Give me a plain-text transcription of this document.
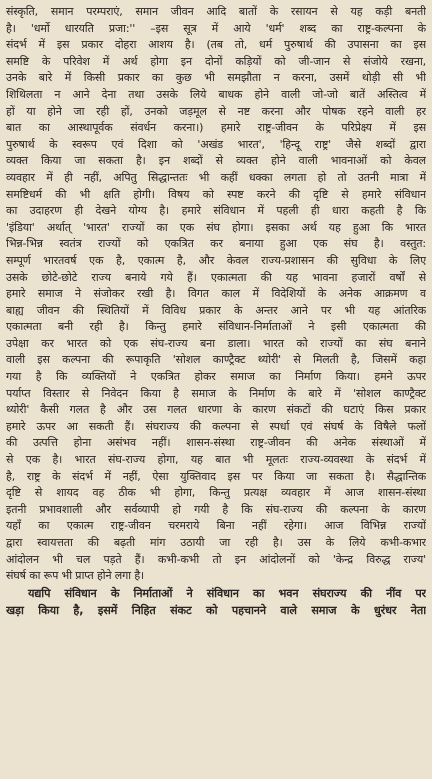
संस्कृति, समान परम्पराएं, समान जीवन आदि बातों के रसायन से यह कड़ी बनती
है। 'धर्मो धारयति प्रजा:'' –इस सूत्र में आये 'धर्म' शब्द का राष्ट्र-कल्पना के
संदर्भ में इस प्रकार दोहरा आशय है। (तब तो, धर्म पुरुषार्थ की उपासना का इस
समष्टि के परिवेश में अर्थ होगा इन दोनों कड़ियों को जी-जान से संजोये रखना,
उनके बारे में किसी प्रकार का कुछ भी समझौता न करना, उसमें थोड़ी सी भी
शिथिलता न आने देना तथा उसके लिये बाधक होने वाली जो-जो बातें अस्तित्व में
हों या होने जा रही हों, उनको जड़मूल से नष्ट करना और पोषक रहने वाली हर
बात का आस्थापूर्वक संवर्धन करना।) हमारे राष्ट्र-जीवन के परिप्रेक्ष्य में इस
पुरुषार्थ के स्वरूप एवं दिशा को 'अखंड भारत', 'हिन्दू राष्ट्र' जैसे शब्दों द्वारा
व्यक्त किया जा सकता है। इन शब्दों से व्यक्त होने वाली भावनाओं को केवल
व्यवहार में ही नहीं, अपितु सिद्धान्ततः भी कहीं धक्का लगता हो तो उतनी मात्रा में
समष्टिधर्म की भी क्षति होगी। विषय को स्पष्ट करने की दृष्टि से हमारे संविधान
का उदाहरण ही देखने योग्य है। हमारे संविधान में पहली ही धारा कहती है कि
'इंडिया' अर्थात् 'भारत' राज्यों का एक संघ होगा। इसका अर्थ यह हुआ कि भारत
भिन्न-भिन्न स्वतंत्र राज्यों को एकत्रित कर बनाया हुआ एक संघ है। वस्तुत:
सम्पूर्ण भारतवर्ष एक है, एकात्म है, और केवल राज्य-प्रशासन की सुविधा के लिए
उसके छोटे-छोटे राज्य बनाये गये हैं। एकात्मता की यह भावना हजारों वर्षों से
हमारे समाज ने संजोकर रखी है। विगत काल में विदेशियों के अनेक आक्रमण व
बाह्य जीवन की स्थितियों में विविध प्रकार के अन्तर आने पर भी यह आंतरिक
एकात्मता बनी रही है। किन्तु हमारे संविधान-निर्माताओं ने इसी एकात्मता की
उपेक्षा कर भारत को एक संघ-राज्य बना डाला। भारत को राज्यों का संघ बनाने
वाली इस कल्पना की रूपाकृति 'सोशल काण्ट्रैक्ट थ्योरी' से मिलती है, जिसमें कहा
गया है कि व्यक्तियों ने एकत्रित होकर समाज का निर्माण किया। हमने ऊपर
पर्याप्त विस्तार से निवेदन किया है समाज के निर्माण के बारे में 'सोशल काण्ट्रैक्ट
थ्योरी' कैसी गलत है और उस गलत धारणा के कारण संकटों की घटाएं किस प्रकार
हमारे ऊपर आ सकती हैं। संघराज्य की कल्पना से स्पर्धा एवं संघर्ष के विषैले फलों
की उत्पत्ति होना असंभव नहीं। शासन-संस्था राष्ट्र-जीवन की अनेक संस्थाओं में
से एक है। भारत संघ-राज्य होगा, यह बात भी मूलतः राज्य-व्यवस्था के संदर्भ में
है, राष्ट्र के संदर्भ में नहीं, ऐसा युक्तिवाद इस पर किया जा सकता है। सैद्धान्तिक
दृष्टि से शायद वह ठीक भी होगा, किन्तु प्रत्यक्ष व्यवहार में आज शासन-संस्था
इतनी प्रभावशाली और सर्वव्यापी हो गयी है कि संघ-राज्य की कल्पना के कारण
यहाँ का एकात्म राष्ट्र-जीवन चरमराये बिना नहीं रहेगा। आज विभिन्न राज्यों
द्वारा स्वायत्तता की बढ़ती मांग उठायी जा रही है। उस के लिये कभी-कभार
आंदोलन भी चल पड़ते हैं। कभी-कभी तो इन आंदोलनों को 'केन्द्र विरुद्ध राज्य'
संघर्ष का रूप भी प्राप्त होने लगा है।
यद्यपि संविधान के निर्माताओं ने संविधान का भवन संघराज्य की नींव पर
खड़ा किया है, इसमें निहित संकट को पहचानने वाले समाज के धुरंधर नेता
